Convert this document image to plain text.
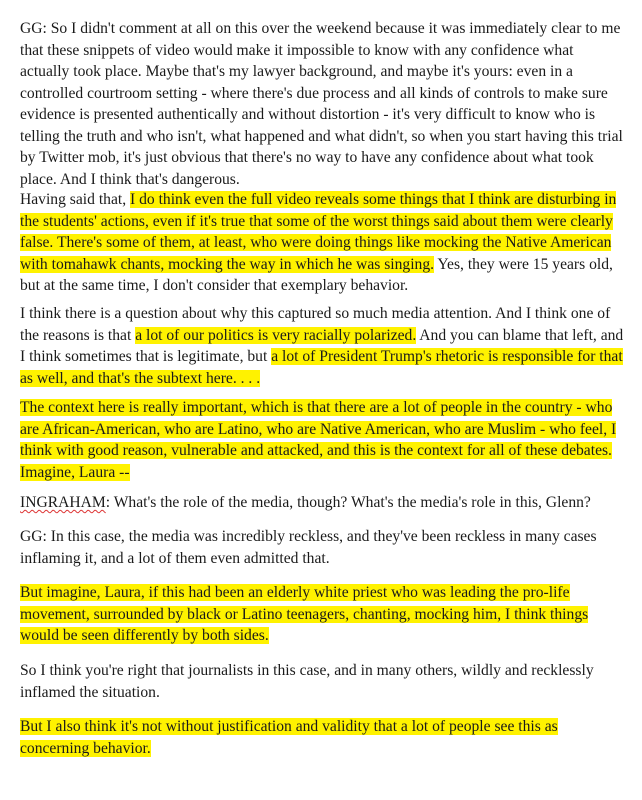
GG: So I didn't comment at all on this over the weekend because it was immediately clear to me that these snippets of video would make it impossible to know with any confidence what actually took place. Maybe that's my lawyer background, and maybe it's yours: even in a controlled courtroom setting - where there's due process and all kinds of controls to make sure evidence is presented authentically and without distortion - it's very difficult to know who is telling the truth and who isn't, what happened and what didn't, so when you start having this trial by Twitter mob, it's just obvious that there's no way to have any confidence about what took place. And I think that's dangerous.

Having said that, I do think even the full video reveals some things that I think are disturbing in the students' actions, even if it's true that some of the worst things said about them were clearly false. There's some of them, at least, who were doing things like mocking the Native American with tomahawk chants, mocking the way in which he was singing. Yes, they were 15 years old, but at the same time, I don't consider that exemplary behavior.

I think there is a question about why this captured so much media attention. And I think one of the reasons is that a lot of our politics is very racially polarized. And you can blame that left, and I think sometimes that is legitimate, but a lot of President Trump's rhetoric is responsible for that as well, and that's the subtext here. . . .

The context here is really important, which is that there are a lot of people in the country - who are African-American, who are Latino, who are Native American, who are Muslim - who feel, I think with good reason, vulnerable and attacked, and this is the context for all of these debates. Imagine, Laura --

INGRAHAM: What's the role of the media, though? What's the media's role in this, Glenn?

GG: In this case, the media was incredibly reckless, and they've been reckless in many cases inflaming it, and a lot of them even admitted that.

But imagine, Laura, if this had been an elderly white priest who was leading the pro-life movement, surrounded by black or Latino teenagers, chanting, mocking him, I think things would be seen differently by both sides.

So I think you're right that journalists in this case, and in many others, wildly and recklessly inflamed the situation.

But I also think it's not without justification and validity that a lot of people see this as concerning behavior.
